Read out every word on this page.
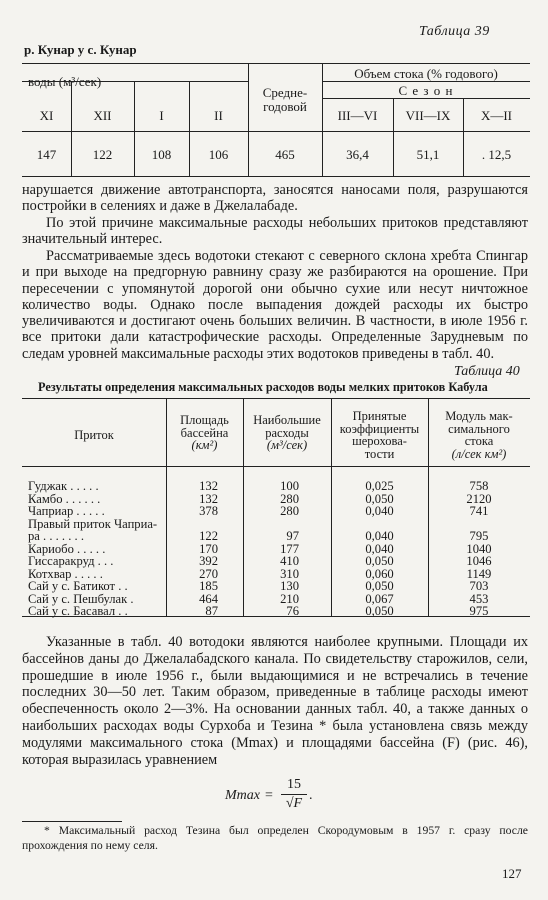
Таблица 39
р. Кунар у с. Кунар
воды (м³/сек)
Средне-
годовой
Объем стока (% годового)
С е з о н
XI	XII	I	II	III—VI	VII—IX	X—II
147	122	108	106	465	36,4	51,1	. 12,5

нарушается движение автотранспорта, заносятся наносами поля, разрушаются постройки в селениях и даже в Джелалабаде.

По этой причине максимальные расходы небольших притоков представляют значительный интерес.

Рассматриваемые здесь водотоки стекают с северного склона хребта Спингар и при выходе на предгорную равнину сразу же разбираются на орошение. При пересечении с упомянутой дорогой они обычно сухие или несут ничтожное количество воды. Однако после выпадения дождей расходы их быстро увеличиваются и достигают очень больших величин. В частности, в июле 1956 г. все притоки дали катастрофические расходы. Определенные Зарудневым по следам уровней максимальные расходы этих водотоков приведены в табл. 40.

Таблица 40
Результаты определения максимальных расходов воды мелких притоков Кабула
Приток
Площадь
бассейна
(км²)
Наибольшие
расходы
(м³/сек)
Принятые
коэффициенты
шерохова-
тости
Модуль мак-
симального
стока
(л/сек км²)
Гуджак . . . . .	132	100	0,025	758
Камбо . . . . . .	132	280	0,050	2120
Чаприар . . . . .	378	280	0,040	741
Правый приток Чаприа-
ра . . . . . . .	122	97	0,040	795
Кариобо . . . . .	170	177	0,040	1040
Гиссаракруд . . .	392	410	0,050	1046
Котхвар . . . . .	270	310	0,060	1149
Сай у с. Батикот . .	185	130	0,050	703
Сай у с. Пешбулак .	464	210	0,067	453
Сай у с. Басавал . .	87	76	0,050	975

Указанные в табл. 40 вотодоки являются наиболее крупными. Площади их бассейнов даны до Джелалабадского канала. По свидетельству старожилов, сели, прошедшие в июле 1956 г., были выдающимися и не встречались в течение последних 30—50 лет. Таким образом, приведенные в таблице расходы имеют обеспеченность около 2—3%. На основании данных табл. 40, а также данных о наибольших расходах воды Сурхоба и Тезина * была установлена связь между модулями максимального стока (Mmax) и площадями бассейна (F) (рис. 46), которая выразилась уравнением

Mmax =
15
√F
.

* Максимальный расход Тезина был определен Скородумовым в 1957 г. сразу после прохождения по нему селя.

127
